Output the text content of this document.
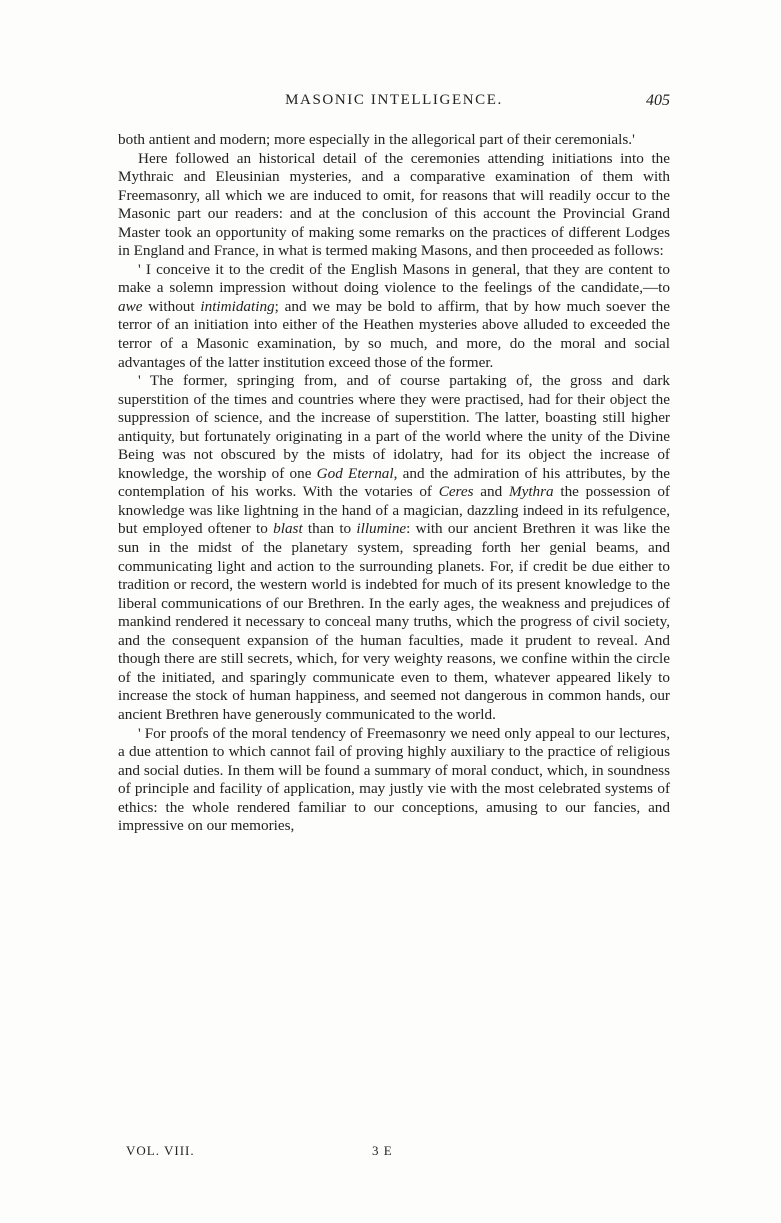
MASONIC INTELLIGENCE.	405

both antient and modern; more especially in the allegorical part of their ceremonials.'

Here followed an historical detail of the ceremonies attending initiations into the Mythraic and Eleusinian mysteries, and a comparative examination of them with Freemasonry, all which we are induced to omit, for reasons that will readily occur to the Masonic part our readers: and at the conclusion of this account the Provincial Grand Master took an opportunity of making some remarks on the practices of different Lodges in England and France, in what is termed making Masons, and then proceeded as follows:

' I conceive it to the credit of the English Masons in general, that they are content to make a solemn impression without doing violence to the feelings of the candidate,—to awe without intimidating; and we may be bold to affirm, that by how much soever the terror of an initiation into either of the Heathen mysteries above alluded to exceeded the terror of a Masonic examination, by so much, and more, do the moral and social advantages of the latter institution exceed those of the former.

' The former, springing from, and of course partaking of, the gross and dark superstition of the times and countries where they were practised, had for their object the suppression of science, and the increase of superstition. The latter, boasting still higher antiquity, but fortunately originating in a part of the world where the unity of the Divine Being was not obscured by the mists of idolatry, had for its object the increase of knowledge, the worship of one God Eternal, and the admiration of his attributes, by the contemplation of his works. With the votaries of Ceres and Mythra the possession of knowledge was like lightning in the hand of a magician, dazzling indeed in its refulgence, but employed oftener to blast than to illumine: with our ancient Brethren it was like the sun in the midst of the planetary system, spreading forth her genial beams, and communicating light and action to the surrounding planets. For, if credit be due either to tradition or record, the western world is indebted for much of its present knowledge to the liberal communications of our Brethren. In the early ages, the weakness and prejudices of mankind rendered it necessary to conceal many truths, which the progress of civil society, and the consequent expansion of the human faculties, made it prudent to reveal. And though there are still secrets, which, for very weighty reasons, we confine within the circle of the initiated, and sparingly communicate even to them, whatever appeared likely to increase the stock of human happiness, and seemed not dangerous in common hands, our ancient Brethren have generously communicated to the world.

' For proofs of the moral tendency of Freemasonry we need only appeal to our lectures, a due attention to which cannot fail of proving highly auxiliary to the practice of religious and social duties. In them will be found a summary of moral conduct, which, in soundness of principle and facility of application, may justly vie with the most celebrated systems of ethics: the whole rendered familiar to our conceptions, amusing to our fancies, and impressive on our memories,

VOL. VIII.	3 E
